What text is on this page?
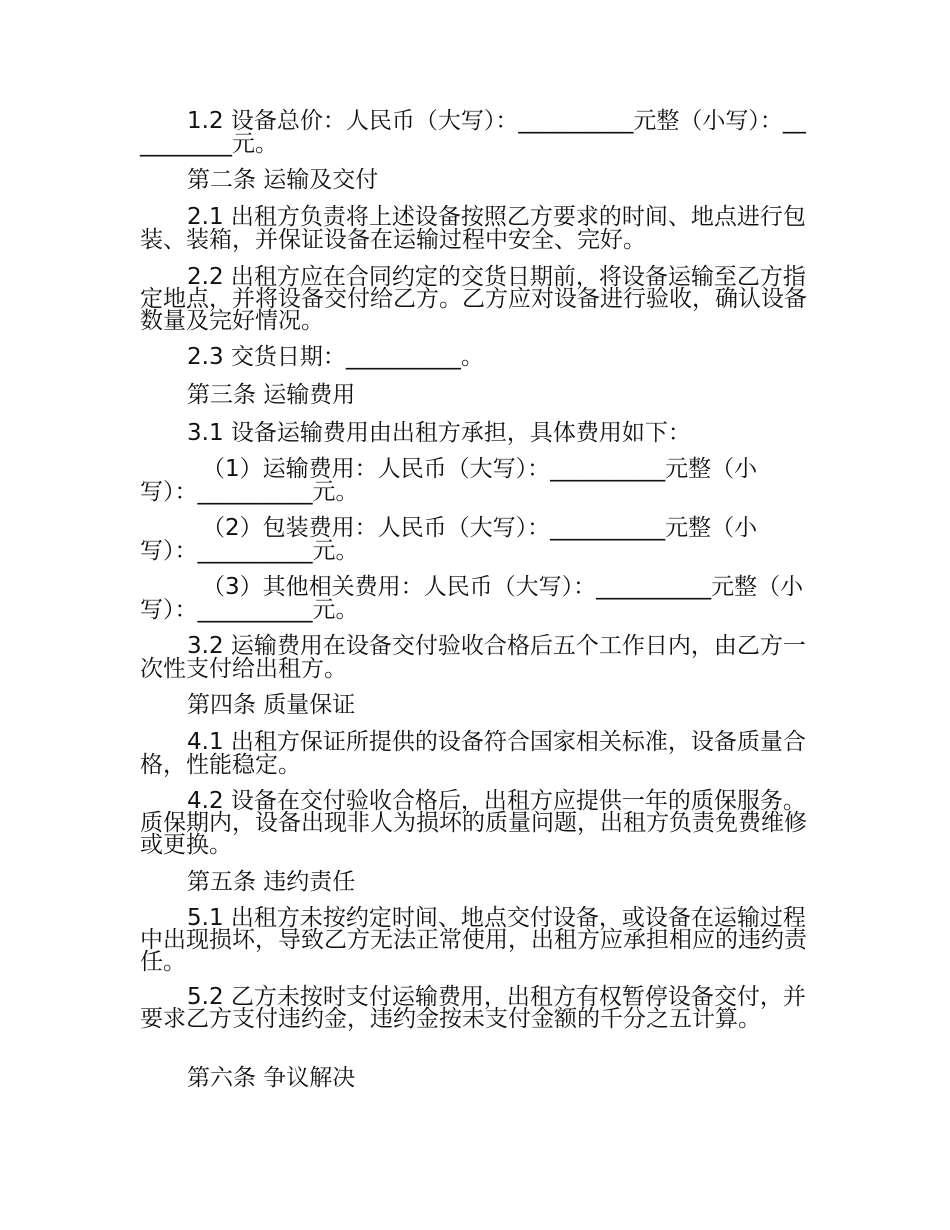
1.2 设备总价：人民币（大写）：__________元整（小写）：__________元。

第二条 运输及交付

2.1 出租方负责将上述设备按照乙方要求的时间、地点进行包装、装箱，并保证设备在运输过程中安全、完好。

2.2 出租方应在合同约定的交货日期前，将设备运输至乙方指定地点，并将设备交付给乙方。乙方应对设备进行验收，确认设备数量及完好情况。

2.3 交货日期：__________。

第三条 运输费用

3.1 设备运输费用由出租方承担，具体费用如下：

（1）运输费用：人民币（大写）：__________元整（小写）：__________元。

（2）包装费用：人民币（大写）：__________元整（小写）：__________元。

（3）其他相关费用：人民币（大写）：__________元整（小写）：__________元。

3.2 运输费用在设备交付验收合格后五个工作日内，由乙方一次性支付给出租方。

第四条 质量保证

4.1 出租方保证所提供的设备符合国家相关标准，设备质量合格，性能稳定。

4.2 设备在交付验收合格后，出租方应提供一年的质保服务。质保期内，设备出现非人为损坏的质量问题，出租方负责免费维修或更换。

第五条 违约责任

5.1 出租方未按约定时间、地点交付设备，或设备在运输过程中出现损坏，导致乙方无法正常使用，出租方应承担相应的违约责任。

5.2 乙方未按时支付运输费用，出租方有权暂停设备交付，并要求乙方支付违约金，违约金按未支付金额的千分之五计算。

第六条 争议解决
